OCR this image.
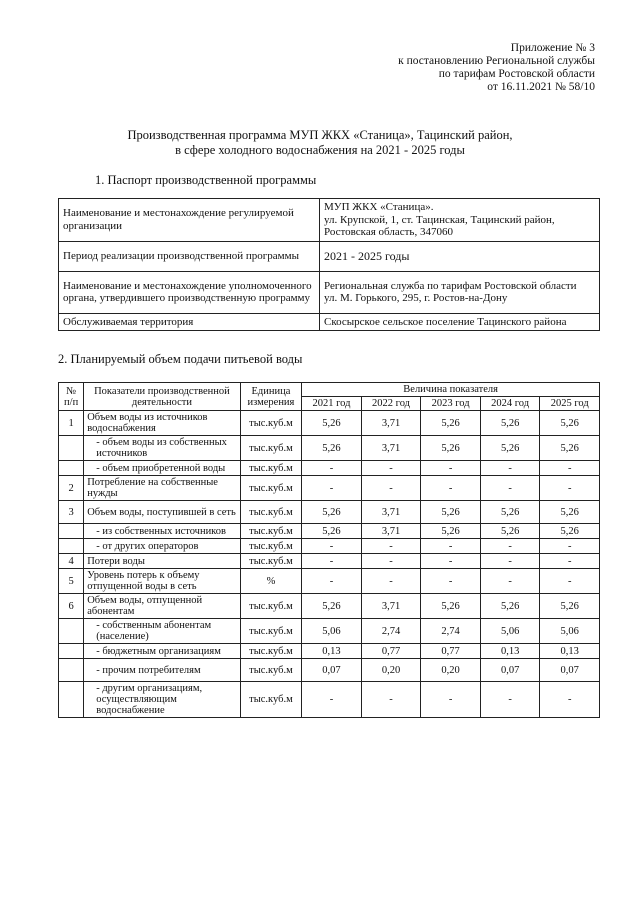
Приложение № 3
к постановлению Региональной службы
по тарифам Ростовской области
от 16.11.2021 № 58/10
Производственная программа МУП ЖКХ «Станица», Тацинский район,
в сфере холодного водоснабжения на 2021 - 2025 годы
1. Паспорт производственной программы
Наименование и местонахождение регулируемой организации	МУП ЖКХ «Станица».
ул. Крупской, 1, ст. Тацинская, Тацинский район,
Ростовская область, 347060

Период реализации производственной программы	2021 - 2025 годы

Наименование и местонахождение уполномоченного органа, утвердившего производственную программу	Региональная служба по тарифам Ростовской области
ул. М. Горького, 295, г. Ростов-на-Дону

Обслуживаемая территория	Скосырское сельское поселение Тацинского района
2. Планируемый объем подачи питьевой воды
№
п/п	Показатели производственной деятельности	Единица измерения	Величина показателя				
			2021 год	2022 год	2023 год	2024 год	2025 год
1	Объем воды из источников водоснабжения	тыс.куб.м	5,26	3,71	5,26	5,26	5,26
	- объем воды из собственных источников	тыс.куб.м	5,26	3,71	5,26	5,26	5,26
	- объем приобретенной воды	тыс.куб.м	-	-	-	-	-
2	Потребление на собственные нужды	тыс.куб.м	-	-	-	-	-
3	Объем воды, поступившей в сеть	тыс.куб.м	5,26	3,71	5,26	5,26	5,26
	- из собственных источников	тыс.куб.м	5,26	3,71	5,26	5,26	5,26
	- от других операторов	тыс.куб.м	-	-	-	-	-
4	Потери воды	тыс.куб.м	-	-	-	-	-
5	Уровень потерь к объему отпущенной воды в сеть	%	-	-	-	-	-
6	Объем воды, отпущенной абонентам	тыс.куб.м	5,26	3,71	5,26	5,26	5,26
	- собственным абонентам (население)	тыс.куб.м	5,06	2,74	2,74	5,06	5,06
	- бюджетным организациям	тыс.куб.м	0,13	0,77	0,77	0,13	0,13
	- прочим потребителям	тыс.куб.м	0,07	0,20	0,20	0,07	0,07
	- другим организациям, осуществляющим водоснабжение	тыс.куб.м	-	-	-	-	-
